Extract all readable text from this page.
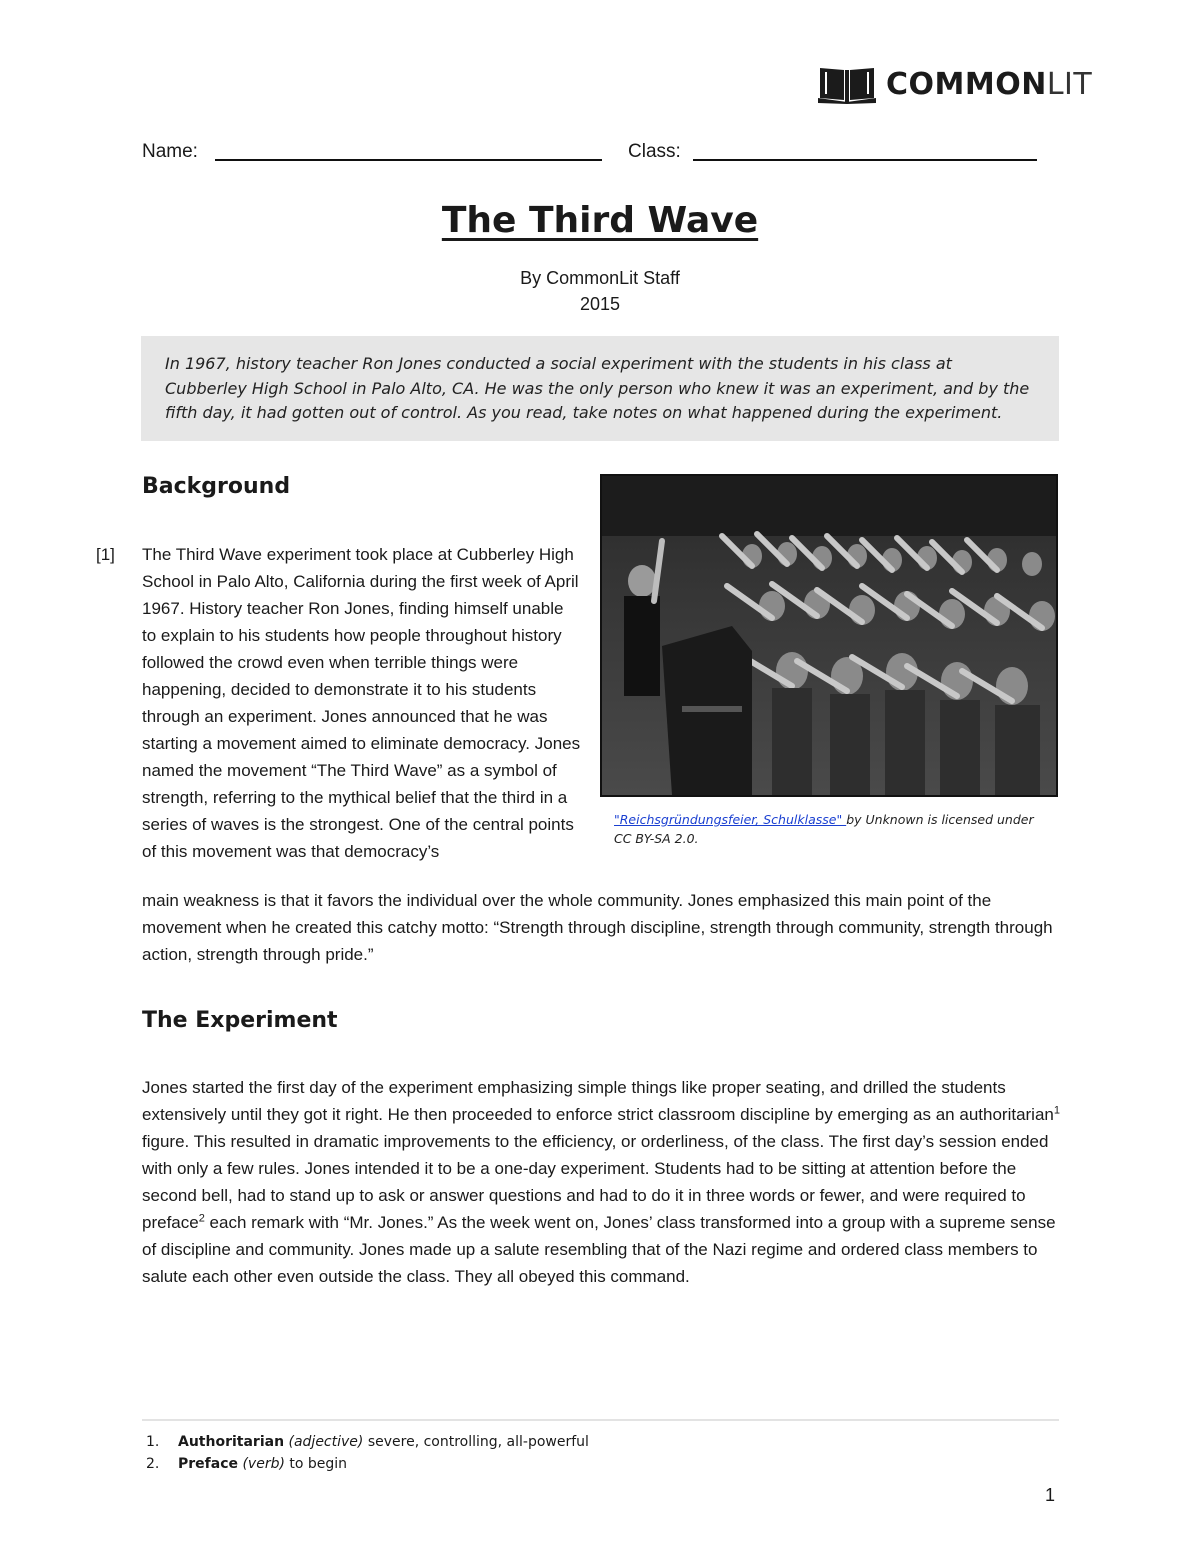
COMMONLIT
Name:	Class:
The Third Wave
By CommonLit Staff
2015
In 1967, history teacher Ron Jones conducted a social experiment with the students in his class at Cubberley High School in Palo Alto, CA. He was the only person who knew it was an experiment, and by the fifth day, it had gotten out of control. As you read, take notes on what happened during the experiment.
Background
"Reichsgründungsfeier, Schulklasse" by Unknown is licensed under CC BY-SA 2.0.
[1] The Third Wave experiment took place at Cubberley High School in Palo Alto, California during the first week of April 1967. History teacher Ron Jones, finding himself unable to explain to his students how people throughout history followed the crowd even when terrible things were happening, decided to demonstrate it to his students through an experiment. Jones announced that he was starting a movement aimed to eliminate democracy. Jones named the movement “The Third Wave” as a symbol of strength, referring to the mythical belief that the third in a series of waves is the strongest. One of the central points of this movement was that democracy’s

main weakness is that it favors the individual over the whole community. Jones emphasized this main point of the movement when he created this catchy motto: “Strength through discipline, strength through community, strength through action, strength through pride.”

The Experiment

Jones started the first day of the experiment emphasizing simple things like proper seating, and drilled the students extensively until they got it right. He then proceeded to enforce strict classroom discipline by emerging as an authoritarian$^1$ figure. This resulted in dramatic improvements to the efficiency, or orderliness, of the class. The first day’s session ended with only a few rules. Jones intended it to be a one-day experiment. Students had to be sitting at attention before the second bell, had to stand up to ask or answer questions and had to do it in three words or fewer, and were required to preface$^2$ each remark with “Mr. Jones.” As the week went on, Jones’ class transformed into a group with a supreme sense of discipline and community. Jones made up a salute resembling that of the Nazi regime and ordered class members to salute each other even outside the class. They all obeyed this command.

1. Authoritarian (adjective) severe, controlling, all-powerful
2. Preface (verb) to begin
1
